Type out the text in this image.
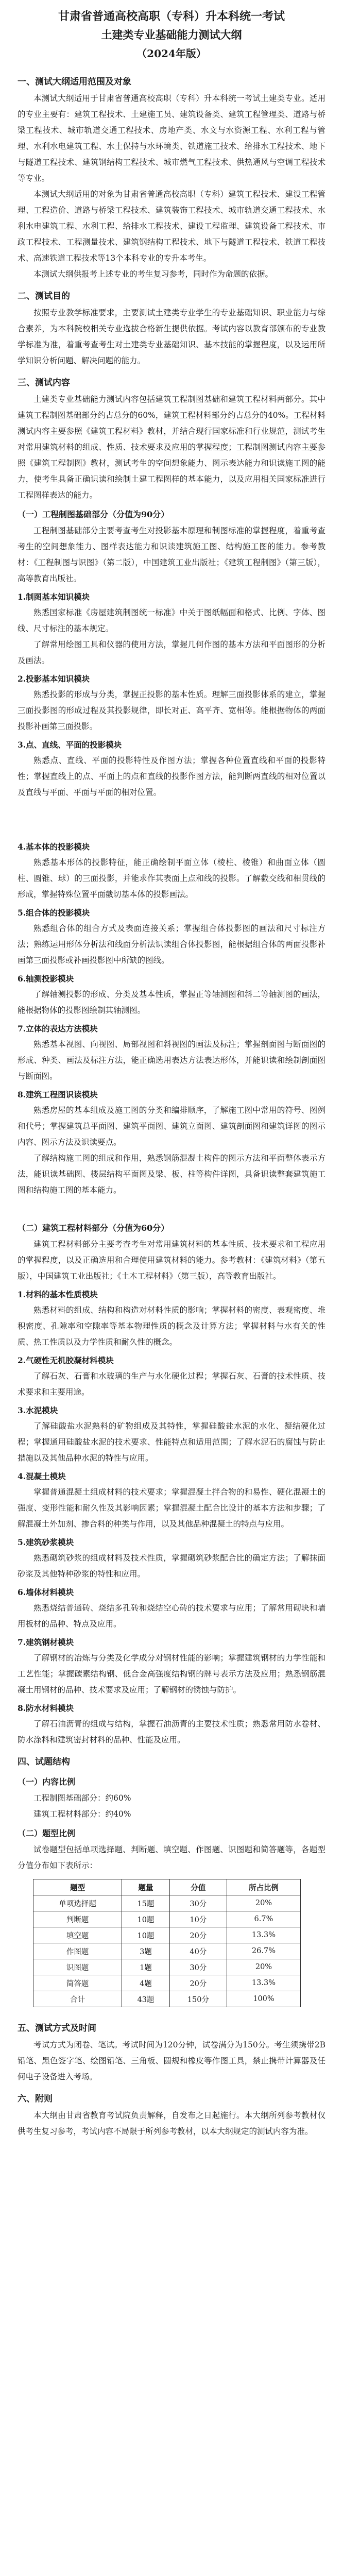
甘肃省普通高校高职（专科）升本科统一考试
土建类专业基础能力测试大纲
（2024年版）
一、测试大纲适用范围及对象

本测试大纲适用于甘肃省普通高校高职（专科）升本科统一考试土建类专业。适用的专业主要有：建筑工程技术、土建施工员、建筑设备类、建筑工程管理类、道路与桥梁工程技术、城市轨道交通工程技术、房地产类、水文与水资源工程、水利工程与管理、水利水电建筑工程、水土保持与水环境类、铁道施工技术、给排水工程技术、地下与隧道工程技术、建筑钢结构工程技术、城市燃气工程技术、供热通风与空调工程技术等专业。

本测试大纲适用的对象为甘肃省普通高校高职（专科）建筑工程技术、建设工程管理、工程造价、道路与桥梁工程技术、建筑装饰工程技术、城市轨道交通工程技术、水利水电建筑工程、水利工程、给排水工程技术、建设工程监理、建筑设备工程技术、市政工程技术、工程测量技术、建筑钢结构工程技术、地下与隧道工程技术、铁道工程技术、高速铁道工程技术等13个本科专业的专升本考生。

本测试大纲供报考上述专业的考生复习参考，同时作为命题的依据。

二、测试目的

按照专业教学标准要求，主要测试土建类专业学生的专业基础知识、职业能力与综合素养，为本科院校相关专业选拔合格新生提供依据。考试内容以教育部颁布的专业教学标准为准，着重考查考生对土建类专业基础知识、基本技能的掌握程度，以及运用所学知识分析问题、解决问题的能力。

三、测试内容

土建类专业基础能力测试内容包括建筑工程制图基础和建筑工程材料两部分。其中建筑工程制图基础部分约占总分的60%，建筑工程材料部分约占总分的40%。工程材料测试内容主要参照《建筑工程材料》教材，并结合现行国家标准和行业规范，测试考生对常用建筑材料的组成、性质、技术要求及应用的掌握程度；工程制图测试内容主要参照《建筑工程制图》教材，测试考生的空间想象能力、图示表达能力和识读施工图的能力，使考生具备正确识读和绘制土建工程图样的基本能力，以及应用相关国家标准进行工程图样表达的能力。

（一）工程制图基础部分（分值为90分）

工程制图基础部分主要考查考生对投影基本原理和制图标准的掌握程度，着重考查考生的空间想象能力、图样表达能力和识读建筑施工图、结构施工图的能力。参考教材：《工程制图与识图》（第二版），中国建筑工业出版社；《建筑工程制图》（第三版），高等教育出版社。

1.制图基本知识模块

熟悉国家标准《房屋建筑制图统一标准》中关于图纸幅面和格式、比例、字体、图线、尺寸标注的基本规定。

了解常用绘图工具和仪器的使用方法，掌握几何作图的基本方法和平面图形的分析及画法。

2.投影基本知识模块

熟悉投影的形成与分类，掌握正投影的基本性质。理解三面投影体系的建立，掌握三面投影图的形成过程及其投影规律，即长对正、高平齐、宽相等。能根据物体的两面投影补画第三面投影。

3.点、直线、平面的投影模块

熟悉点、直线、平面的投影特性及作图方法；掌握各种位置直线和平面的投影特性；掌握直线上的点、平面上的点和直线的投影作图方法，能判断两直线的相对位置以及直线与平面、平面与平面的相对位置。

4.基本体的投影模块

熟悉基本形体的投影特征，能正确绘制平面立体（棱柱、棱锥）和曲面立体（圆柱、圆锥、球）的三面投影，并能求作其表面上点和线的投影。了解截交线和相贯线的形成，掌握特殊位置平面截切基本体的投影画法。

5.组合体的投影模块

熟悉组合体的组合方式及表面连接关系；掌握组合体投影图的画法和尺寸标注方法；熟练运用形体分析法和线面分析法识读组合体投影图，能根据组合体的两面投影补画第三面投影或补画投影图中所缺的图线。

6.轴测投影模块

了解轴测投影的形成、分类及基本性质，掌握正等轴测图和斜二等轴测图的画法，能根据物体的投影图绘制其轴测图。

7.立体的表达方法模块

熟悉基本视图、向视图、局部视图和斜视图的画法及标注；掌握剖面图与断面图的形成、种类、画法及标注方法，能正确选用表达方法表达形体，并能识读和绘制剖面图与断面图。

8.建筑工程图识读模块

熟悉房屋的基本组成及施工图的分类和编排顺序，了解施工图中常用的符号、图例和代号；掌握建筑总平面图、建筑平面图、建筑立面图、建筑剖面图和建筑详图的图示内容、图示方法及识读要点。

了解结构施工图的组成和作用，熟悉钢筋混凝土构件的图示方法和平面整体表示方法，能识读基础图、楼层结构平面图及梁、板、柱等构件详图，具备识读整套建筑施工图和结构施工图的基本能力。

（二）建筑工程材料部分（分值为60分）

建筑工程材料部分主要考查考生对常用建筑材料的基本性质、技术要求和工程应用的掌握程度，以及正确选用和合理使用建筑材料的能力。参考教材：《建筑材料》（第五版），中国建筑工业出版社；《土木工程材料》（第三版），高等教育出版社。

1.材料的基本性质模块

熟悉材料的组成、结构和构造对材料性质的影响；掌握材料的密度、表观密度、堆积密度、孔隙率和空隙率等基本物理性质的概念及计算方法；掌握材料与水有关的性质、热工性质以及力学性质和耐久性的概念。

2.气硬性无机胶凝材料模块

了解石灰、石膏和水玻璃的生产与水化硬化过程；掌握石灰、石膏的技术性质、技术要求和主要用途。

3.水泥模块

了解硅酸盐水泥熟料的矿物组成及其特性，掌握硅酸盐水泥的水化、凝结硬化过程；掌握通用硅酸盐水泥的技术要求、性能特点和适用范围；了解水泥石的腐蚀与防止措施以及其他品种水泥的特性与应用。

4.混凝土模块

掌握普通混凝土组成材料的技术要求；掌握混凝土拌合物的和易性、硬化混凝土的强度、变形性能和耐久性及其影响因素；掌握混凝土配合比设计的基本方法和步骤；了解混凝土外加剂、掺合料的种类与作用，以及其他品种混凝土的特点与应用。

5.建筑砂浆模块

熟悉砌筑砂浆的组成材料及技术性质，掌握砌筑砂浆配合比的确定方法；了解抹面砂浆及其他特种砂浆的特性和应用。

6.墙体材料模块

熟悉烧结普通砖、烧结多孔砖和烧结空心砖的技术要求与应用；了解常用砌块和墙用板材的品种、特点及应用。

7.建筑钢材模块

了解钢材的冶炼与分类及化学成分对钢材性能的影响；掌握建筑钢材的力学性能和工艺性能；掌握碳素结构钢、低合金高强度结构钢的牌号表示方法及应用；熟悉钢筋混凝土用钢材的品种、技术要求及应用；了解钢材的锈蚀与防护。

8.防水材料模块

了解石油沥青的组成与结构，掌握石油沥青的主要技术性质；熟悉常用防水卷材、防水涂料和建筑密封材料的品种、性能及应用。

四、试题结构
（一）内容比例

工程制图基础部分：约60%

建筑工程材料部分：约40%

（二）题型比例

试卷题型包括单项选择题、判断题、填空题、作图题、识图题和简答题等，各题型分值分布如下表所示：

题型	题量	分值	所占比例
单项选择题	15题	30分	20%
判断题	10题	10分	6.7%
填空题	10题	20分	13.3%
作图题	3题	40分	26.7%
识图题	1题	30分	20%
简答题	4题	20分	13.3%
合计	43题	150分	100%
五、测试方式及时间

考试方式为闭卷、笔试。考试时间为120分钟，试卷满分为150分。考生须携带2B铅笔、黑色签字笔、绘图铅笔、三角板、圆规和橡皮等作图工具，禁止携带计算器及任何电子设备进入考场。

六、附则

本大纲由甘肃省教育考试院负责解释，自发布之日起施行。本大纲所列参考教材仅供考生复习参考，考试内容不局限于所列参考教材，以本大纲规定的测试内容为准。
